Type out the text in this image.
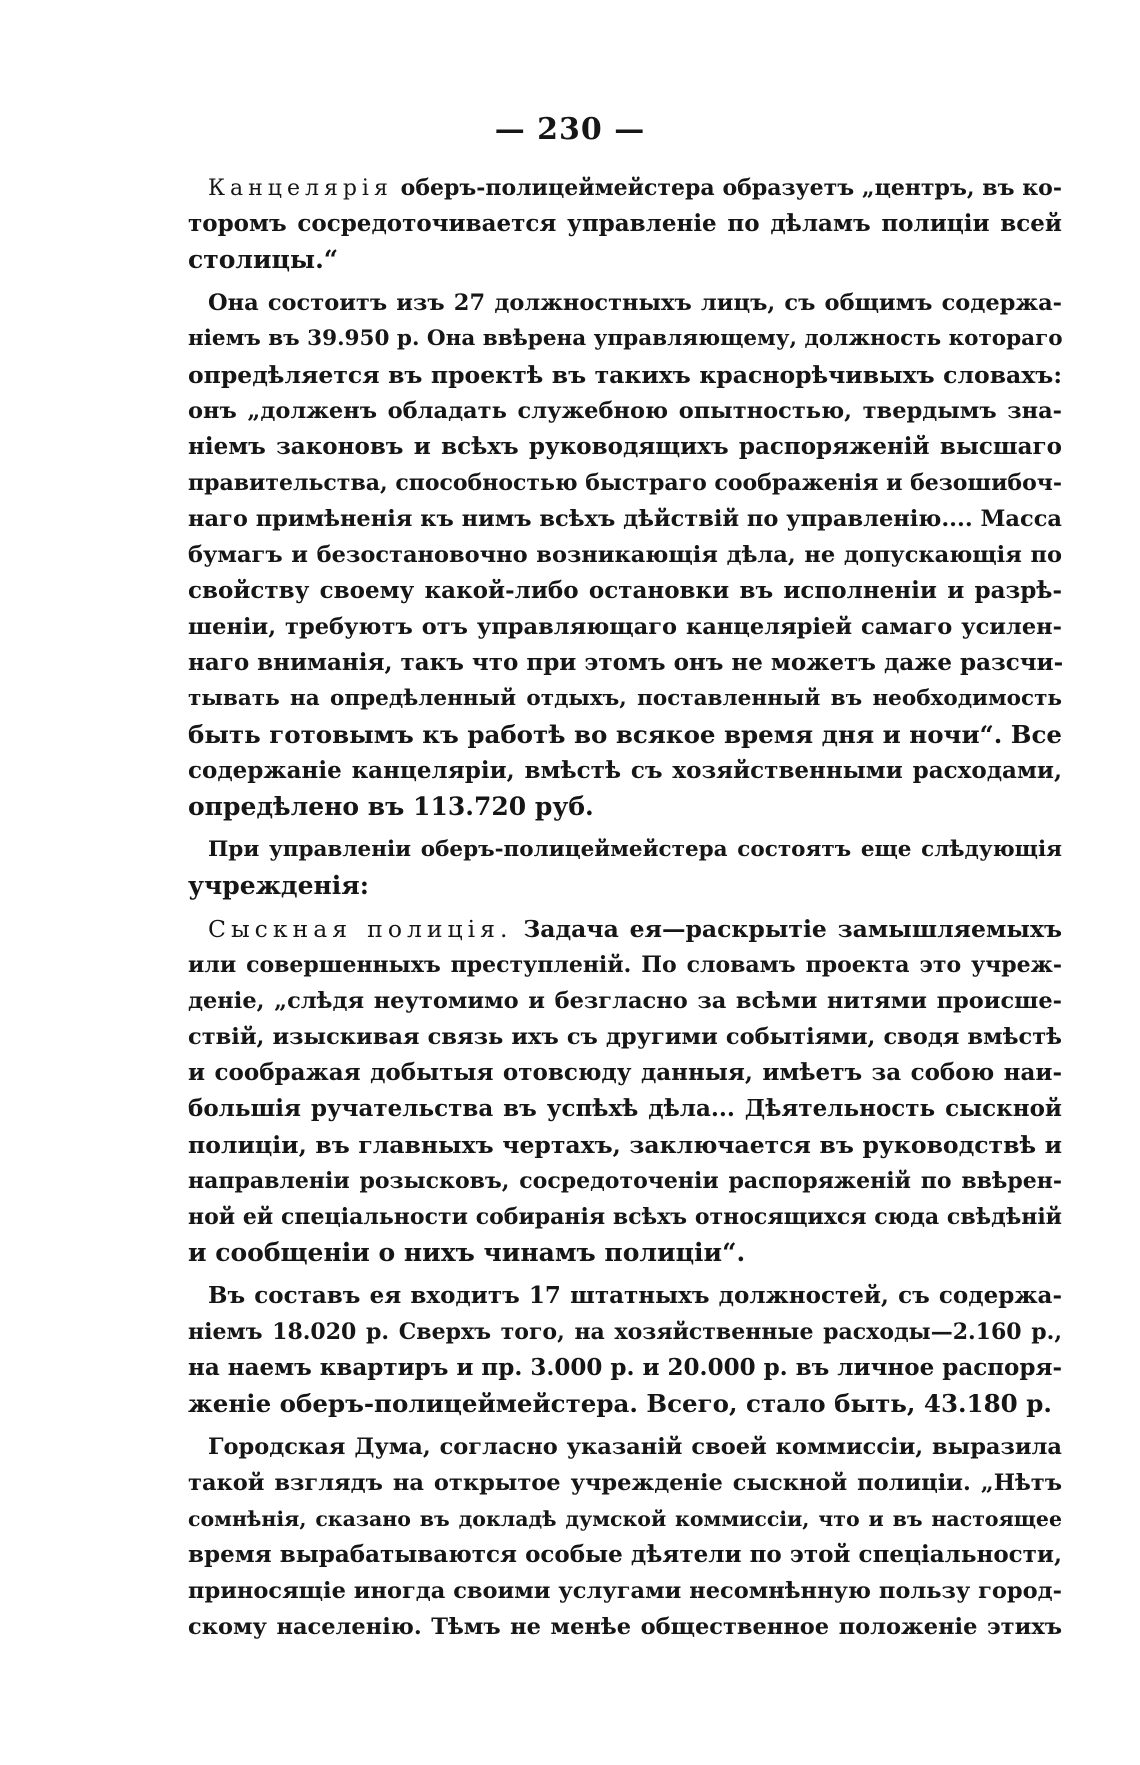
— 230 —
Канцелярія оберъ-полицеймейстера образуетъ „центръ, въ ко-
торомъ сосредоточивается управленіе по дѣламъ полиціи всей
столицы.“
Она состоитъ изъ 27 должностныхъ лицъ, съ общимъ содержа-
ніемъ въ 39.950 р. Она ввѣрена управляющему, должность котораго
опредѣляется въ проектѣ въ такихъ краснорѣчивыхъ словахъ:
онъ „долженъ обладать служебною опытностью, твердымъ зна-
ніемъ законовъ и всѣхъ руководящихъ распоряженій высшаго
правительства, способностью быстраго соображенія и безошибоч-
наго примѣненія къ нимъ всѣхъ дѣйствій по управленію.... Масса
бумагъ и безостановочно возникающія дѣла, не допускающія по
свойству своему какой-либо остановки въ исполненіи и разрѣ-
шеніи, требуютъ отъ управляющаго канцеляріей самаго усилен-
наго вниманія, такъ что при этомъ онъ не можетъ даже разсчи-
тывать на опредѣленный отдыхъ, поставленный въ необходимость
быть готовымъ къ работѣ во всякое время дня и ночи“. Все
содержаніе канцеляріи, вмѣстѣ съ хозяйственными расходами,
опредѣлено въ 113.720 руб.
При управленіи оберъ-полицеймейстера состоятъ еще слѣдующія
учрежденія:
Сыскная полиція. Задача ея—раскрытіе замышляемыхъ
или совершенныхъ преступленій. По словамъ проекта это учреж-
деніе, „слѣдя неутомимо и безгласно за всѣми нитями происше-
ствій, изыскивая связь ихъ съ другими событіями, сводя вмѣстѣ
и соображая добытыя отовсюду данныя, имѣетъ за собою наи-
большія ручательства въ успѣхѣ дѣла... Дѣятельность сыскной
полиціи, въ главныхъ чертахъ, заключается въ руководствѣ и
направленіи розысковъ, сосредоточеніи распоряженій по ввѣрен-
ной ей спеціальности собиранія всѣхъ относящихся сюда свѣдѣній
и сообщеніи о нихъ чинамъ полиціи“.
Въ составъ ея входитъ 17 штатныхъ должностей, съ содержа-
ніемъ 18.020 р. Сверхъ того, на хозяйственные расходы—2.160 р.,
на наемъ квартиръ и пр. 3.000 р. и 20.000 р. въ личное распоря-
женіе оберъ-полицеймейстера. Всего, стало быть, 43.180 р.
Городская Дума, согласно указаній своей коммиссіи, выразила
такой взглядъ на открытое учрежденіе сыскной полиціи. „Нѣтъ
сомнѣнія, сказано въ докладѣ думской коммиссіи, что и въ настоящее
время вырабатываются особые дѣятели по этой спеціальности,
приносящіе иногда своими услугами несомнѣнную пользу город-
скому населенію. Тѣмъ не менѣе общественное положеніе этихъ
